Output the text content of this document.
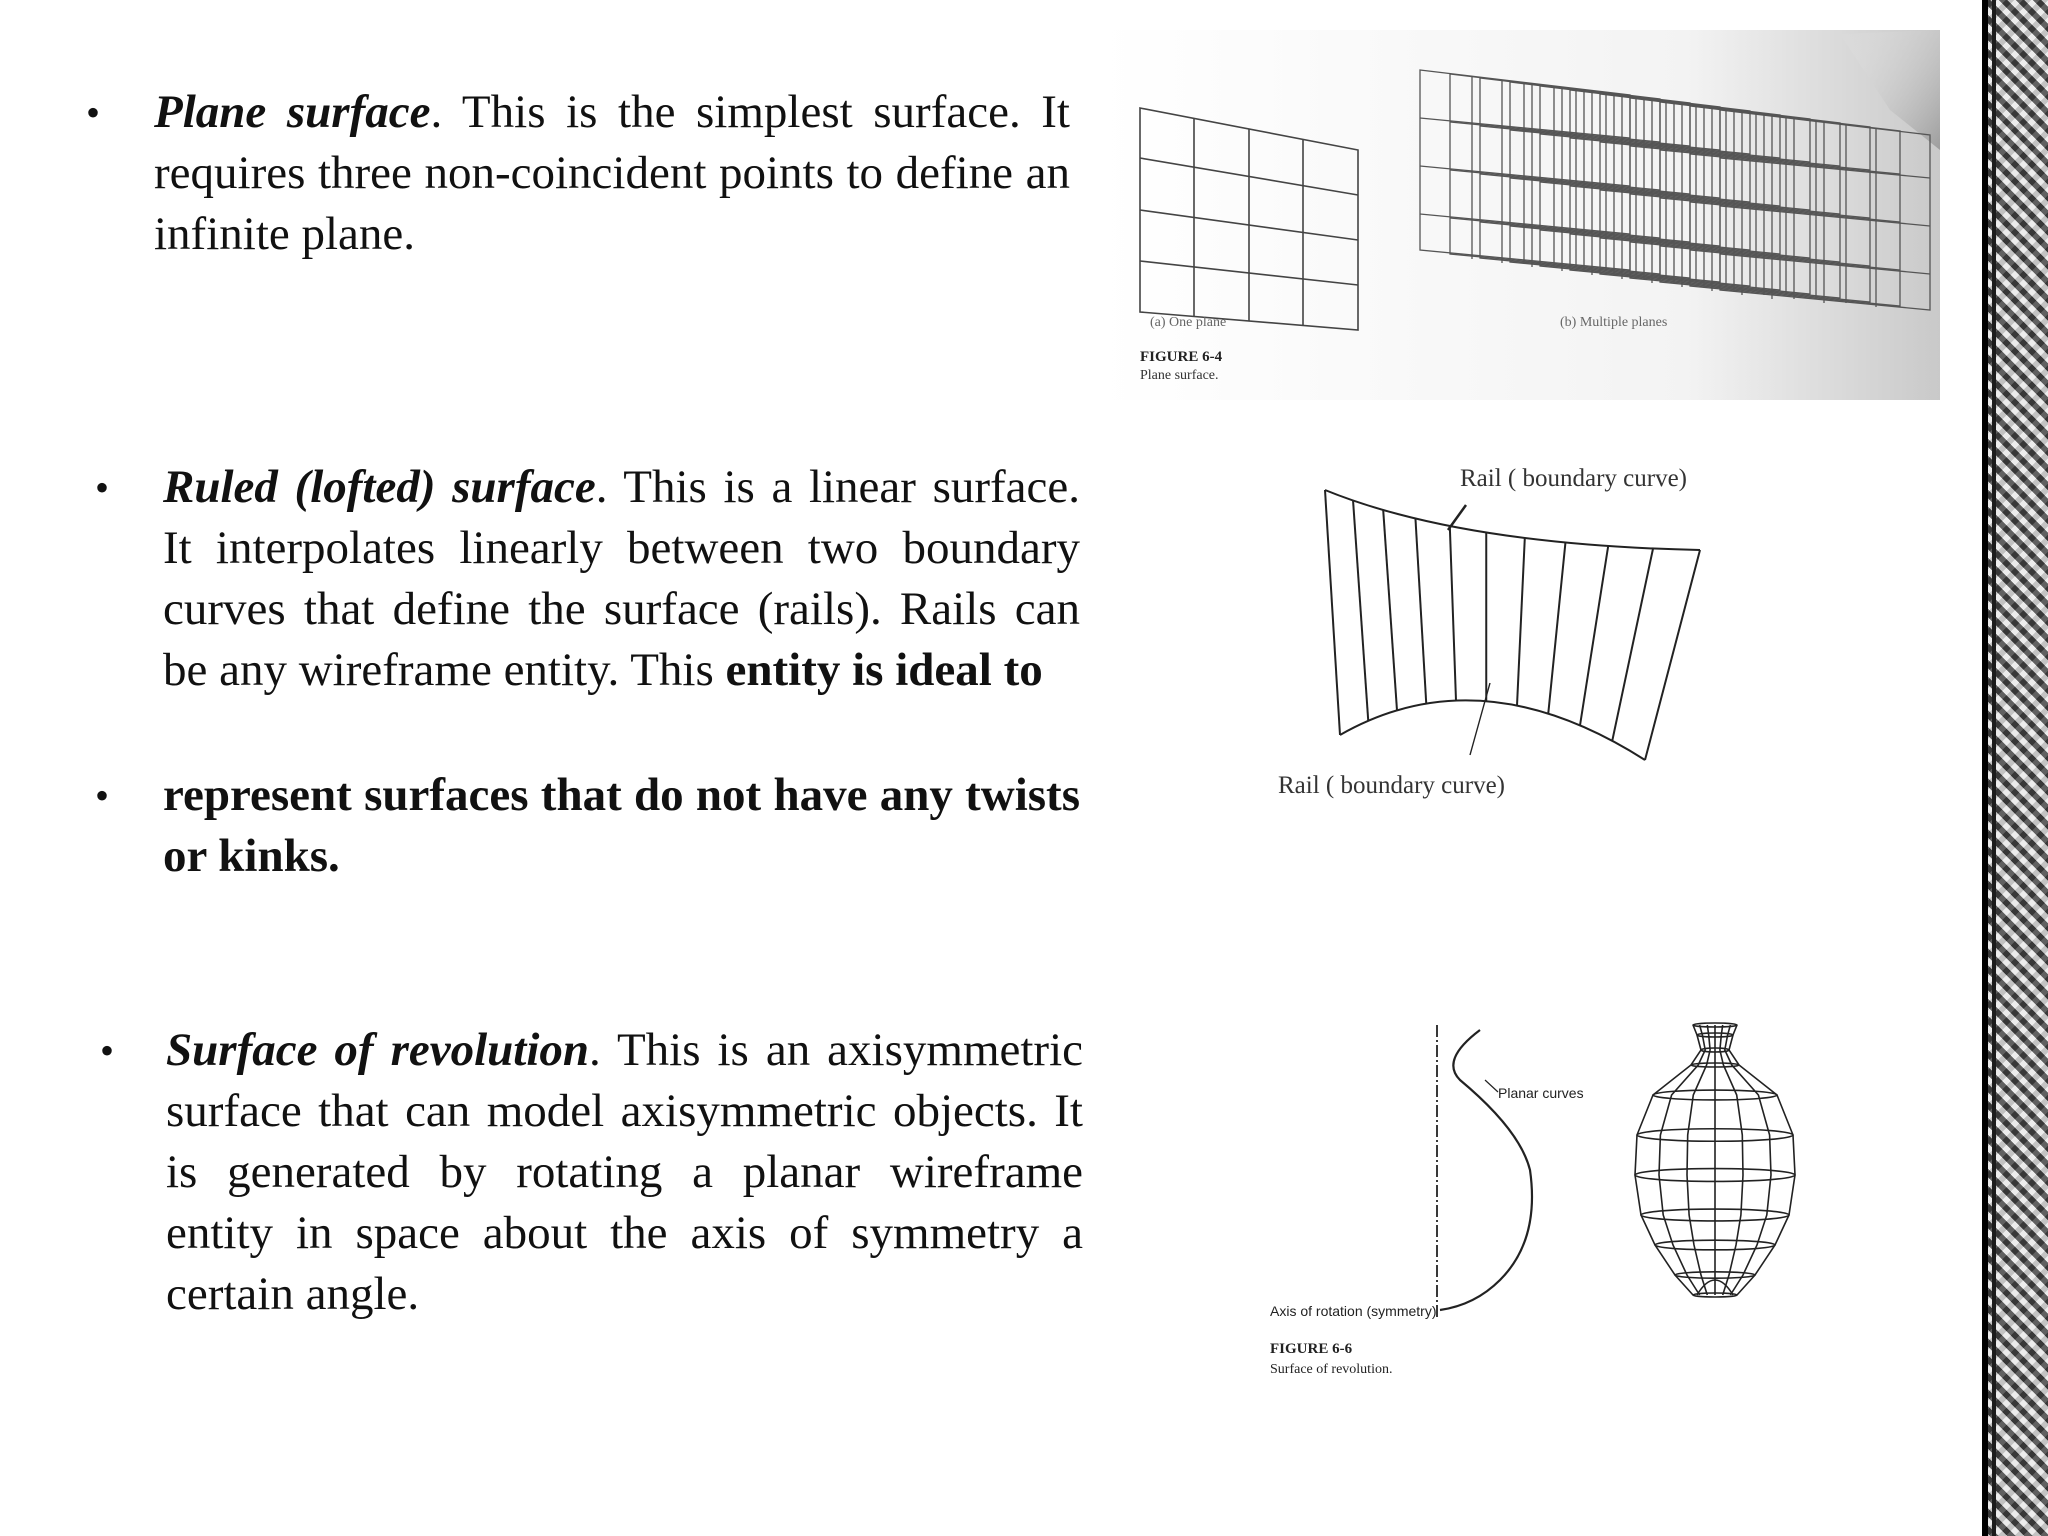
• Plane surface. This is the simplest surface. It requires three non-coincident points to define an infinite plane.
• Ruled (lofted) surface. This is a linear surface. It interpolates linearly between two boundary curves that define the surface (rails). Rails can be any wireframe entity. This entity is ideal to
• represent surfaces that do not have any twists or kinks.
• Surface of revolution. This is an axisymmetric surface that can model axisymmetric objects. It is generated by rotating a planar wireframe entity in space about the axis of symmetry a certain angle.
(a) One plane	(b) Multiple planes
FIGURE 6-4
Plane surface.
Rail ( boundary curve)
Rail ( boundary curve)
Planar curves
Axis of rotation (symmetry)
FIGURE 6-6
Surface of revolution.
